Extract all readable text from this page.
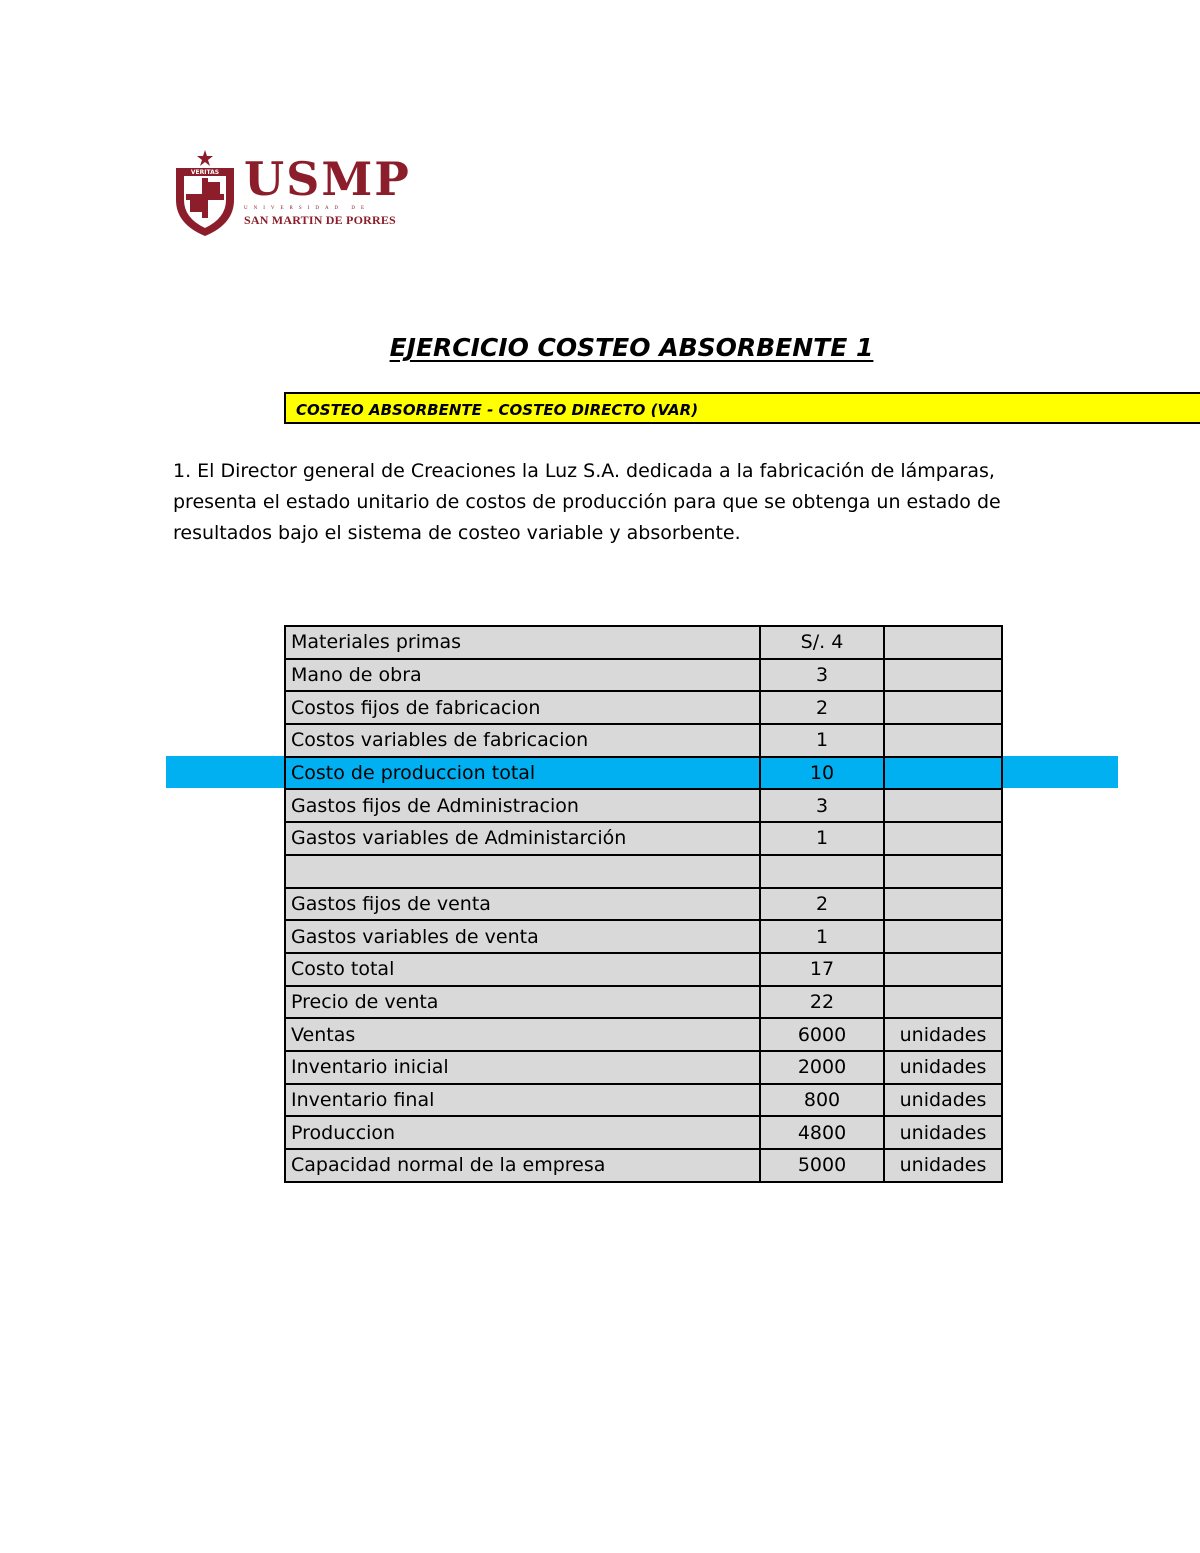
VERITAS USMP
UNIVERSIDAD DE
SAN MARTIN DE PORRES
EJERCICIO COSTEO ABSORBENTE 1
COSTEO ABSORBENTE - COSTEO DIRECTO (VAR)
1. El Director general de Creaciones la Luz S.A. dedicada a la fabricación de lámparas,
presenta el estado unitario de costos de producción para que se obtenga un estado de
resultados bajo el sistema de costeo variable y absorbente.
Materiales primas	S/. 4	
Mano de obra	3	
Costos fijos de fabricacion	2	
Costos variables de fabricacion	1	
Costo de produccion total	10	
Gastos fijos de Administracion	3	
Gastos variables de Administarción	1	

Gastos fijos de venta	2	
Gastos variables de venta	1	
Costo total	17	
Precio de venta	22	
Ventas	6000	unidades
Inventario inicial	2000	unidades
Inventario final	800	unidades
Produccion	4800	unidades
Capacidad normal de la empresa	5000	unidades
